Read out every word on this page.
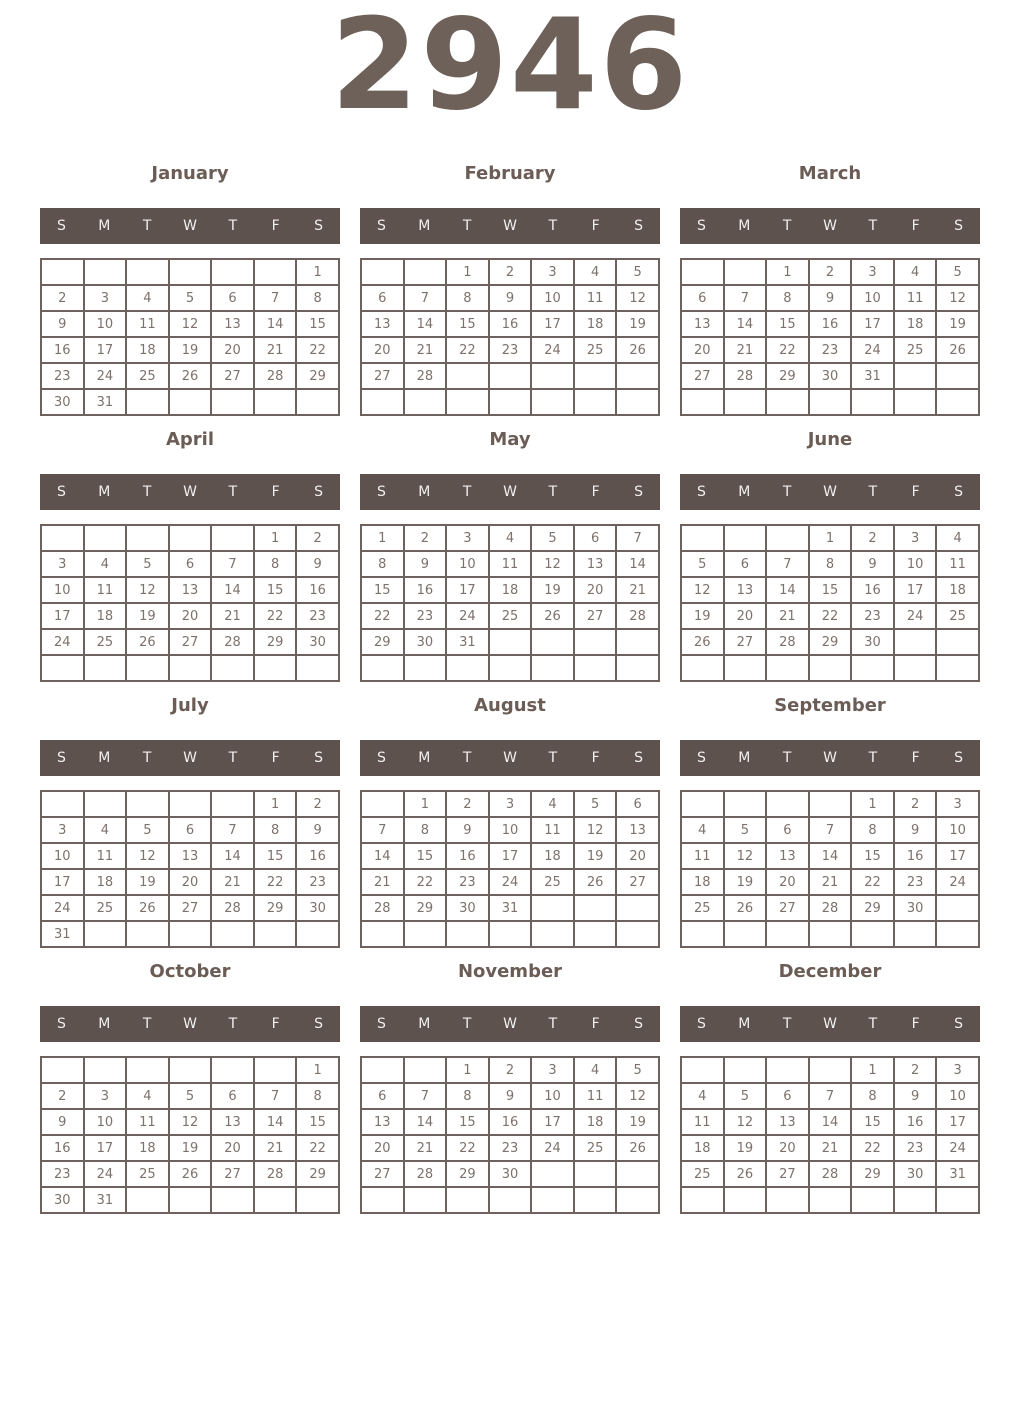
2946
January
S	M	T	W	T	F	S
						1
2	3	4	5	6	7	8
9	10	11	12	13	14	15
16	17	18	19	20	21	22
23	24	25	26	27	28	29
30	31					
February
S	M	T	W	T	F	S
		1	2	3	4	5
6	7	8	9	10	11	12
13	14	15	16	17	18	19
20	21	22	23	24	25	26
27	28					

March
S	M	T	W	T	F	S
		1	2	3	4	5
6	7	8	9	10	11	12
13	14	15	16	17	18	19
20	21	22	23	24	25	26
27	28	29	30	31		

April
S	M	T	W	T	F	S
					1	2
3	4	5	6	7	8	9
10	11	12	13	14	15	16
17	18	19	20	21	22	23
24	25	26	27	28	29	30

May
S	M	T	W	T	F	S
1	2	3	4	5	6	7
8	9	10	11	12	13	14
15	16	17	18	19	20	21
22	23	24	25	26	27	28
29	30	31				

June
S	M	T	W	T	F	S
			1	2	3	4
5	6	7	8	9	10	11
12	13	14	15	16	17	18
19	20	21	22	23	24	25
26	27	28	29	30		

July
S	M	T	W	T	F	S
					1	2
3	4	5	6	7	8	9
10	11	12	13	14	15	16
17	18	19	20	21	22	23
24	25	26	27	28	29	30
31						
August
S	M	T	W	T	F	S
	1	2	3	4	5	6
7	8	9	10	11	12	13
14	15	16	17	18	19	20
21	22	23	24	25	26	27
28	29	30	31			

September
S	M	T	W	T	F	S
				1	2	3
4	5	6	7	8	9	10
11	12	13	14	15	16	17
18	19	20	21	22	23	24
25	26	27	28	29	30	

October
S	M	T	W	T	F	S
						1
2	3	4	5	6	7	8
9	10	11	12	13	14	15
16	17	18	19	20	21	22
23	24	25	26	27	28	29
30	31					
November
S	M	T	W	T	F	S
		1	2	3	4	5
6	7	8	9	10	11	12
13	14	15	16	17	18	19
20	21	22	23	24	25	26
27	28	29	30			

December
S	M	T	W	T	F	S
				1	2	3
4	5	6	7	8	9	10
11	12	13	14	15	16	17
18	19	20	21	22	23	24
25	26	27	28	29	30	31
